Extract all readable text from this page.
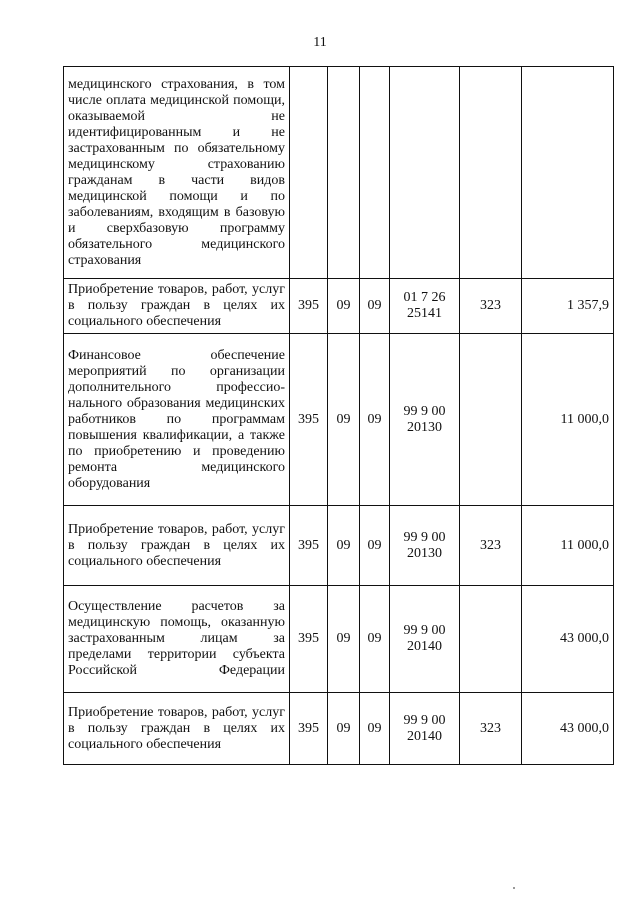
11
медицинского страхования, в том числе оплата медицинской помощи, оказываемой не идентифицированным и не застрахованным по обязательному медицинскому страхованию гражданам в части видов медицинской помощи и по заболеваниям, входящим в базовую и сверхбазовую программу обязательного медицинского страхования						
Приобретение товаров, работ, услуг в пользу граждан в целях их социального обеспечения	395	09	09	01 7 26 25141	323	1 357,9
Финансовое обеспечение мероприятий по организации дополнительного профессио-нального образования медицинских работников по программам повышения квалификации, а также по приобретению и проведению ремонта медицинского оборудования	395	09	09	99 9 00 20130		11 000,0
Приобретение товаров, работ, услуг в пользу граждан в целях их социального обеспечения	395	09	09	99 9 00 20130	323	11 000,0
Осуществление расчетов за медицинскую помощь, оказанную застрахованным лицам за пределами территории субъекта Российской Федерации	395	09	09	99 9 00 20140		43 000,0
Приобретение товаров, работ, услуг в пользу граждан в целях их социального обеспечения	395	09	09	99 9 00 20140	323	43 000,0
